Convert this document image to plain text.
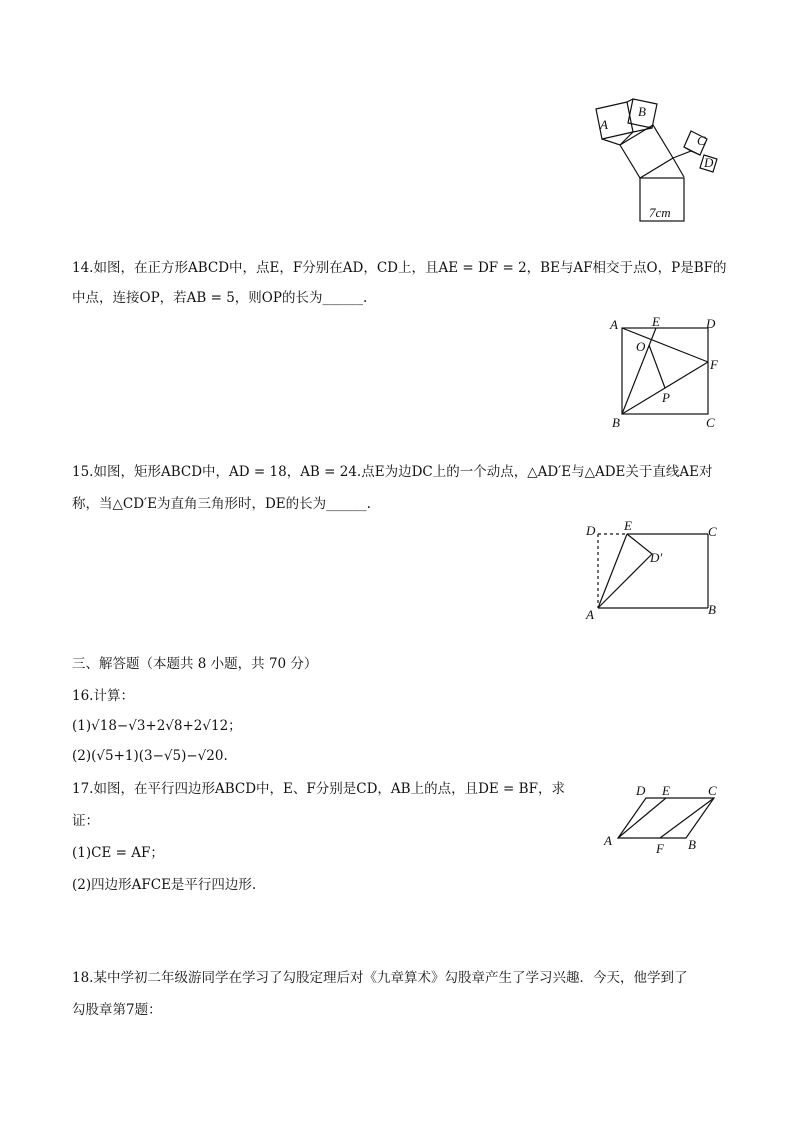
A
B
C
D
7cm
14.如图，在正方形ABCD中，点E，F分别在AD，CD上，且AE = DF = 2，BE与AF相交于点O，P是BF的
中点，连接OP，若AB = 5，则OP的长为______.
A	E	D
O
F
P
B	C
15.如图，矩形ABCD中，AD = 18，AB = 24.点E为边DC上的一个动点，△AD′E与△ADE关于直线AE对
称，当△CD′E为直角三角形时，DE的长为______.
D E	C
D′
A	B
三、解答题（本题共 8 小题，共 70 分）
16.计算：
(1)√18−√3+2√8+2√12；
(2)(√5+1)(3−√5)−√20.
17.如图，在平行四边形ABCD中，E、F分别是CD，AB上的点，且DE = BF，求
证：
(1)CE = AF；
(2)四边形AFCE是平行四边形.
D E	C
A
F B
18.某中学初二年级游同学在学习了勾股定理后对《九章算术》勾股章产生了学习兴趣．今天，他学到了
勾股章第7题：
